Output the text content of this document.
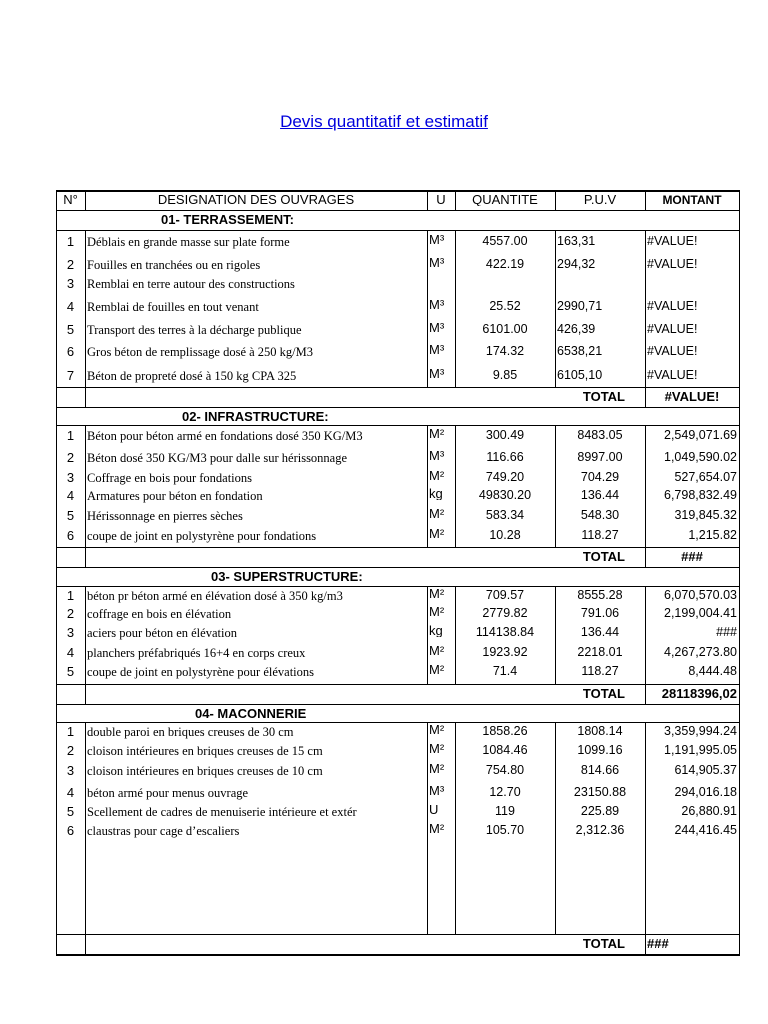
Devis quantitatif et estimatif
N°	DESIGNATION DES OUVRAGES	U	QUANTITE	P.U.V	MONTANT
01- TERRASSEMENT:
1	Déblais en grande masse sur plate forme	M³	4557.00	163,31	#VALUE!
2	Fouilles en tranchées ou en rigoles	M³	422.19	294,32	#VALUE!
3	Remblai en terre autour des constructions
4	Remblai de fouilles en tout venant	M³	25.52	2990,71	#VALUE!
5	Transport des terres à la décharge publique	M³	6101.00	426,39	#VALUE!
6	Gros béton de remplissage dosé à 250 kg/M3	M³	174.32	6538,21	#VALUE!
7	Béton de propreté dosé à 150 kg CPA 325	M³	9.85	6105,10	#VALUE!
TOTAL	#VALUE!
02- INFRASTRUCTURE:
1	Béton pour béton armé en fondations dosé 350 KG/M3	M²	300.49	8483.05	2,549,071.69
2	Béton dosé 350 KG/M3 pour dalle sur hérissonnage	M³	116.66	8997.00	1,049,590.02
3	Coffrage en bois pour fondations	M²	749.20	704.29	527,654.07
4	Armatures pour béton en fondation	kg	49830.20	136.44	6,798,832.49
5	Hérissonnage en pierres sèches	M²	583.34	548.30	319,845.32
6	coupe de joint en polystyrène pour fondations	M²	10.28	118.27	1,215.82
TOTAL	###
03- SUPERSTRUCTURE:
1	béton pr béton armé en élévation dosé à 350 kg/m3	M²	709.57	8555.28	6,070,570.03
2	coffrage en bois en élévation	M²	2779.82	791.06	2,199,004.41
3	aciers pour béton en élévation	kg	114138.84	136.44	###
4	planchers préfabriqués 16+4 en corps creux	M²	1923.92	2218.01	4,267,273.80
5	coupe de joint en polystyrène pour élévations	M²	71.4	118.27	8,444.48
TOTAL	28118396,02
04- MACONNERIE
1	double paroi en briques creuses de 30 cm	M²	1858.26	1808.14	3,359,994.24
2	cloison intérieures en briques creuses de 15 cm	M²	1084.46	1099.16	1,191,995.05
3	cloison intérieures en briques creuses de 10 cm	M²	754.80	814.66	614,905.37
4	béton armé pour menus ouvrage	M³	12.70	23150.88	294,016.18
5	Scellement de cadres de menuiserie intérieure et extér	U	119	225.89	26,880.91
6	claustras pour cage d’escaliers	M²	105.70	2,312.36	244,416.45
TOTAL ###
